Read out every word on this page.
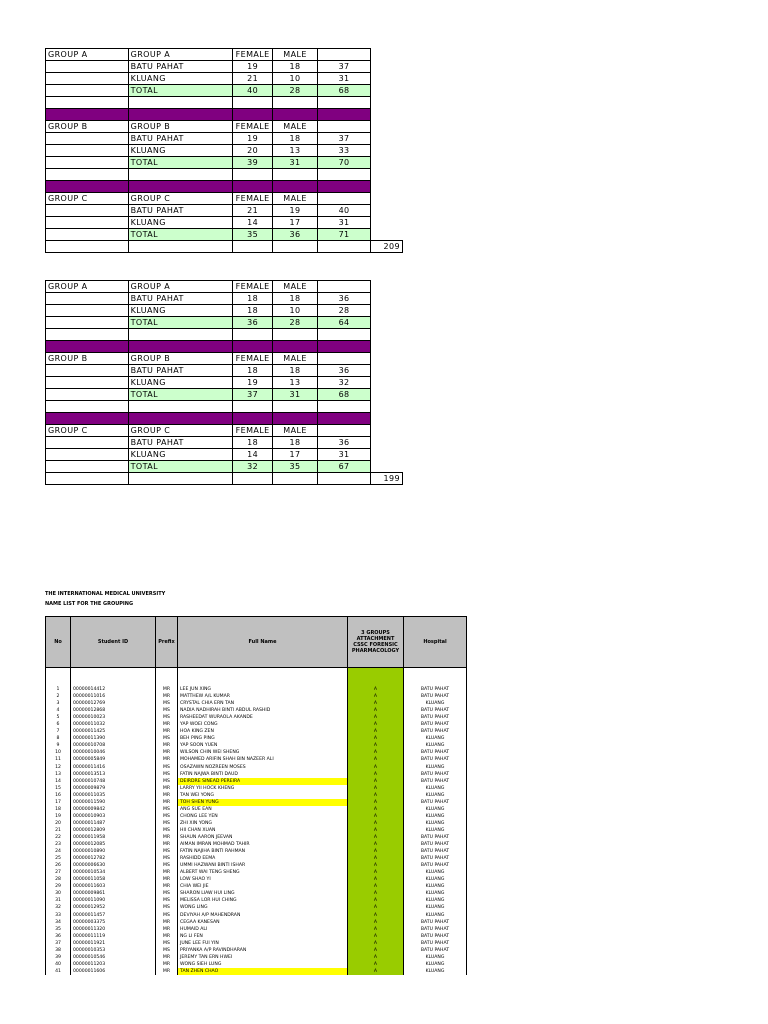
GROUP A	GROUP A	FEMALE	MALE		
	BATU PAHAT	19	18	37	
	KLUANG	21	10	31	
	TOTAL	40	28	68	

GROUP B	GROUP B	FEMALE	MALE		
	BATU PAHAT	19	18	37	
	KLUANG	20	13	33	
	TOTAL	39	31	70	

GROUP C	GROUP C	FEMALE	MALE		
	BATU PAHAT	21	19	40	
	KLUANG	14	17	31	
	TOTAL	35	36	71	
					209
GROUP A	GROUP A	FEMALE	MALE		
	BATU PAHAT	18	18	36	
	KLUANG	18	10	28	
	TOTAL	36	28	64	

GROUP B	GROUP B	FEMALE	MALE		
	BATU PAHAT	18	18	36	
	KLUANG	19	13	32	
	TOTAL	37	31	68	

GROUP C	GROUP C	FEMALE	MALE		
	BATU PAHAT	18	18	36	
	KLUANG	14	17	31	
	TOTAL	32	35	67	
					199
THE INTERNATIONAL MEDICAL UNIVERSITY
NAME LIST FOR THE GROUPING
No	Student ID	Prefix	Full Name	3 GROUPS ATTACHMENT CSSC FORENSIC PHARMACOLOGY	Hospital

1	00000014412	MR	LEE JUN XING	A	BATU PAHAT
2	00000011016	MR	MATTHEW A/L KUMAR	A	BATU PAHAT
3	00000012769	MS	CRYSTAL CHIA ERN TAN	A	KLUANG
4	00000012868	MS	NADIA NADHIRAH BINTI ABDUL RASHID	A	BATU PAHAT
5	00000010023	MS	RASHEEDAT WURAOLA AKANDE	A	BATU PAHAT
6	00000011032	MR	YAP WOEI CONG	A	BATU PAHAT
7	00000011425	MR	HOA KING ZEN	A	BATU PAHAT
8	00000011390	MS	BEH PING PING	A	KLUANG
9	00000010708	MR	YAP SOON YUEN	A	KLUANG
10	00000010046	MR	WILSON CHIN WEI SHENG	A	BATU PAHAT
11	00000005849	MR	MOHAMED ARIFIN SHAH BIN NAZEER ALI	A	BATU PAHAT
12	00000011416	MS	OSAZAWN NOZREEN MOSES	A	KLUANG
13	00000013513	MS	FATIN NAJWA BINTI DAUD	A	BATU PAHAT
14	00000010748	MS	DEIRDRE SINEAD PEREIRA	A	BATU PAHAT
15	00000009879	MR	LARRY YII HOCK KHENG	A	KLUANG
16	00000011035	MR	TAN WEI YONG	A	KLUANG
17	00000011590	MR	TOH SHEN YUNG	A	BATU PAHAT
18	00000009842	MS	ANG SUE EAN	A	KLUANG
19	00000010903	MS	CHONG LEE YEN	A	KLUANG
20	00000011487	MS	ZHI XIN YONG	A	KLUANG
21	00000012809	MS	HII CHAN XUAN	A	KLUANG
22	00000011958	MR	SHAUN AARON JEEVAN	A	BATU PAHAT
23	00000012085	MR	AIMAN IMRAN MOHMAD TAHIR	A	BATU PAHAT
24	00000010890	MS	FATIN NAJIHA BINTI RAHMAN	A	BATU PAHAT
25	00000012782	MS	RASHIDD EEMA	A	BATU PAHAT
26	00000006630	MS	UMMI HAZWANI BINTI ISHAR	A	BATU PAHAT
27	00000010534	MR	ALBERT WAI TENG SHENG	A	KLUANG
28	00000011058	MR	LOW SHAO YI	A	KLUANG
29	00000011603	MR	CHIA WEI JIE	A	KLUANG
30	00000009861	MS	SHARON LIAW HUI LING	A	KLUANG
31	00000011090	MS	MELISSA LOR HUI CHING	A	KLUANG
32	00000012952	MS	WONG LING	A	KLUANG
33	00000011457	MS	DEVIYAH A/P MAHENDRAN	A	KLUANG
34	00000003375	MR	CEGAA KANESAN	A	BATU PAHAT
35	00000011320	MR	HUMAID ALI	A	BATU PAHAT
36	00000011119	MR	NG LI FEN	A	BATU PAHAT
37	00000011921	MS	JUNE LEE FUI YIN	A	BATU PAHAT
38	00000010353	MS	PRIYANKA A/P RAVINDHARAN	A	BATU PAHAT
39	00000010546	MR	JEREMY TAN ERN HWEI	A	KLUANG
40	00000011203	MR	WONG SIEH LUNG	A	KLUANG
41	00000011606	MR	TAN ZHEN CHAO	A	KLUANG
